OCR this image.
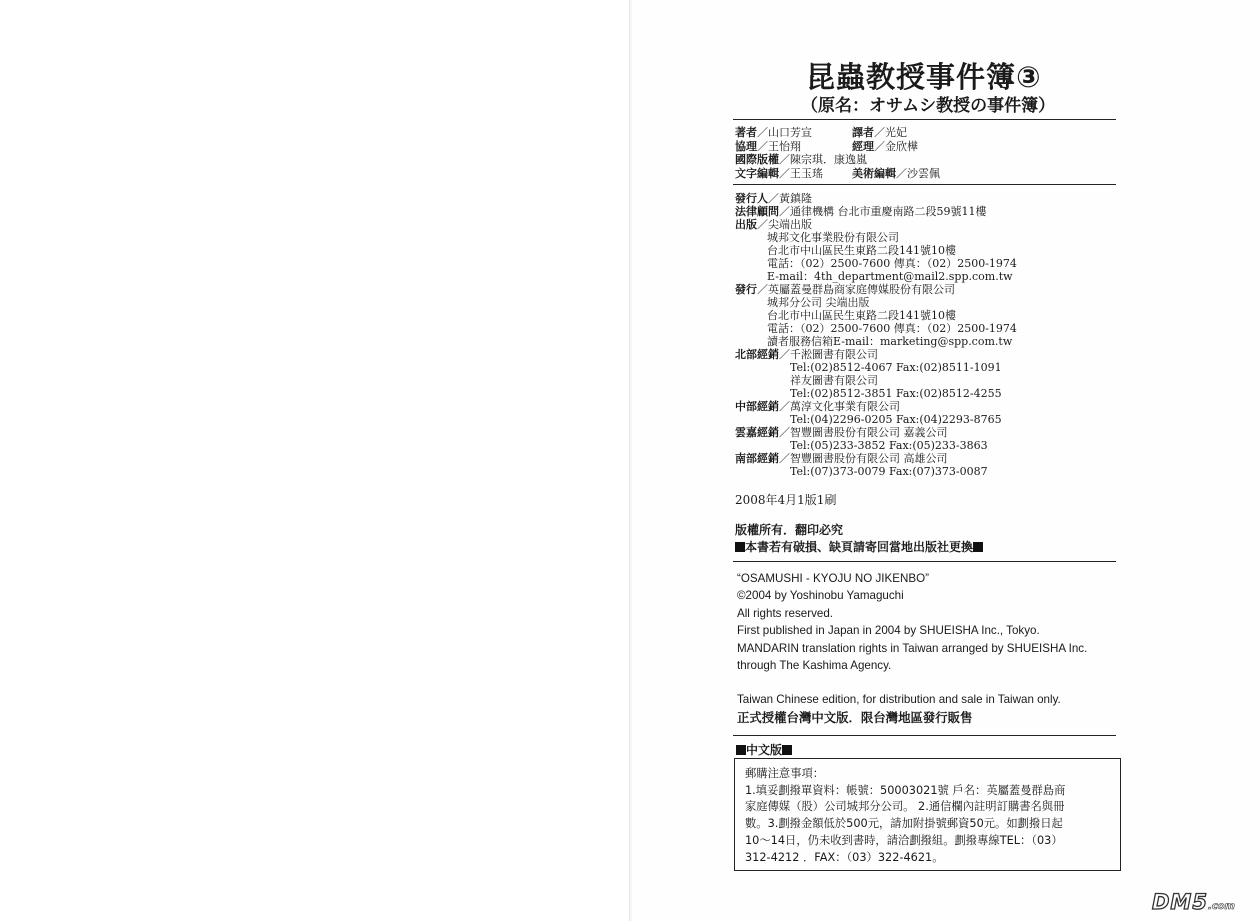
昆蟲教授事件簿③
（原名：オサムシ教授の事件簿）
著者／山口芳宣	譯者／光妃
協理／王怡翔	經理／金欣樺
國際版權／陳宗琪．康逸嵐
文字編輯／王玉瑤	美術編輯／沙雲佩
發行人／黃鎮隆
法律顧問／通律機構 台北市重慶南路二段59號11樓
出版／尖端出版
城邦文化事業股份有限公司
台北市中山區民生東路二段141號10樓
電話：（02）2500-7600 傳真：（02）2500-1974
E-mail：4th_department@mail2.spp.com.tw
發行／英屬蓋曼群島商家庭傳媒股份有限公司
城邦分公司 尖端出版
台北市中山區民生東路二段141號10樓
電話：（02）2500-7600 傳真：（02）2500-1974
讀者服務信箱E-mail：marketing@spp.com.tw
北部經銷／千淞圖書有限公司
Tel:(02)8512-4067 Fax:(02)8511-1091
祥友圖書有限公司
Tel:(02)8512-3851 Fax:(02)8512-4255
中部經銷／萬淳文化事業有限公司
Tel:(04)2296-0205 Fax:(04)2293-8765
雲嘉經銷／智豐圖書股份有限公司 嘉義公司
Tel:(05)233-3852 Fax:(05)233-3863
南部經銷／智豐圖書股份有限公司 高雄公司
Tel:(07)373-0079 Fax:(07)373-0087
2008年4月1版1刷
版權所有．翻印必究
本書若有破損、缺頁請寄回當地出版社更換
“OSAMUSHI - KYOJU NO JIKENBO”
©2004 by Yoshinobu Yamaguchi
All rights reserved.
First published in Japan in 2004 by SHUEISHA Inc., Tokyo.
MANDARIN translation rights in Taiwan arranged by SHUEISHA Inc.
through The Kashima Agency.
Taiwan Chinese edition, for distribution and sale in Taiwan only.
正式授權台灣中文版．限台灣地區發行販售
中文版
郵購注意事項：
1.填妥劃撥單資料：帳號：50003021號 戶名：英屬蓋曼群島商
家庭傳媒（股）公司城邦分公司。 2.通信欄內註明訂購書名與冊
數。3.劃撥金額低於500元，請加附掛號郵資50元。如劃撥日起
10～14日，仍未收到書時，請洽劃撥組。劃撥專線TEL：（03）
312-4212 ．FAX：（03）322-4621。
DM5.com
